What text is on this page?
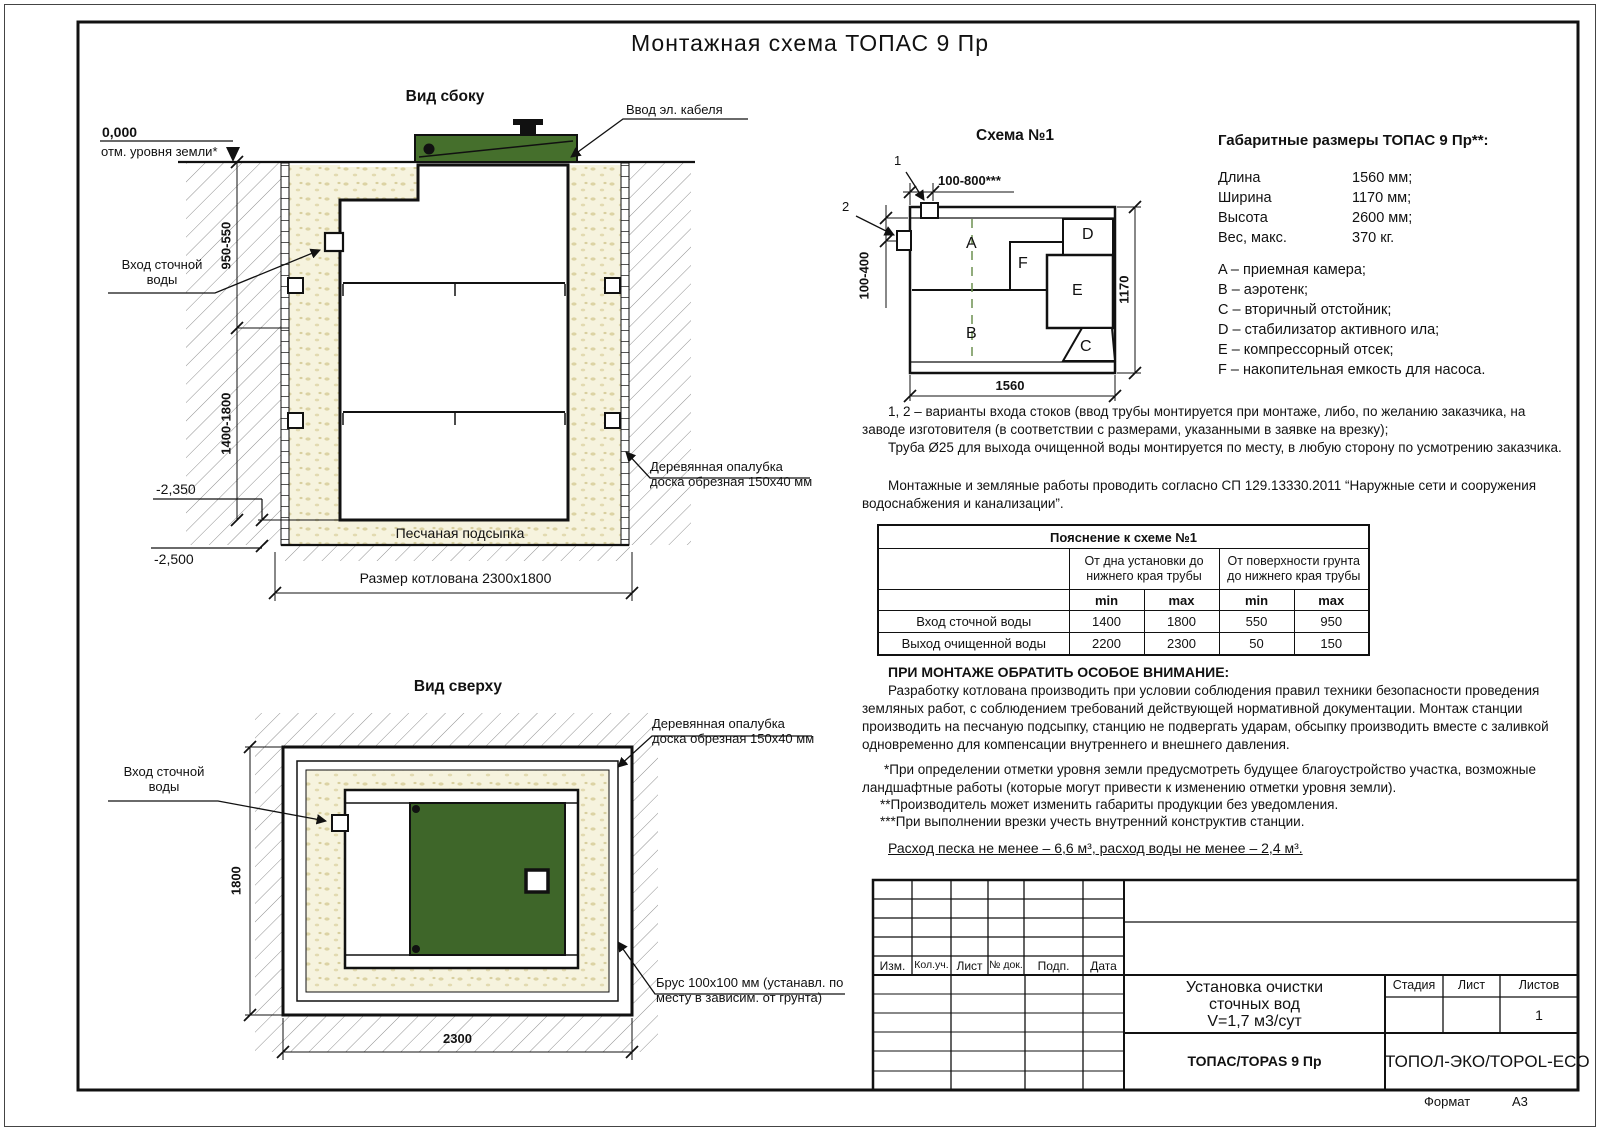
Монтажная схема ТОПАС 9 Пр
Вид сбоку
Ввод эл. кабеля
0,000
отм. уровня земли*
950-550
1400-1800
-2,350
-2,500
Вход сточной
воды
Песчаная подсыпка
Размер котлована 2300х1800
Деревянная опалубка
доска обрезная 150х40 мм
Схема №1
1
2
100-800***
100-400	1170
1560
A
B
C
D
E
F
Габаритные размеры ТОПАС 9 Пр**:
Длина	1560 мм;
Ширина	1170 мм;
Высота	2600 мм;
Вес, макс.	370 кг.
A – приемная камера;
B – аэротенк;
C – вторичный отстойник;
D – стабилизатор активного ила;
E – компрессорный отсек;
F – накопительная емкость для насоса.
1, 2 – варианты входа стоков (ввод трубы монтируется при монтаже, либо, по желанию заказчика, на
заводе изготовителя (в соответствии с размерами, указанными в заявке на врезку);
Труба Ø25 для выхода очищенной воды монтируется по месту, в любую сторону по усмотрению заказчика.
Монтажные и земляные работы проводить согласно СП 129.13330.2011 “Наружные сети и сооружения
водоснабжения и канализации”.
Пояснение к схеме №1				
	От дна установки до нижнего края трубы		От поверхности грунта до нижнего края трубы	
	min	max	min	max
Вход сточной воды	1400	1800	550	950
Выход очищенной воды	2200	2300	50	150
ПРИ МОНТАЖЕ ОБРАТИТЬ ОСОБОЕ ВНИМАНИЕ:
Разработку котлована производить при условии соблюдения правил техники безопасности проведения
земляных работ, с соблюдением требований действующей нормативной документации. Монтаж станции
производить на песчаную подсыпку, станцию не подвергать ударам, обсыпку производить вместе с заливкой
одновременно для компенсации внутреннего и внешнего давления.
*При определении отметки уровня земли предусмотреть будущее благоустройство участка, возможные
ландшафтные работы (которые могут привести к изменению отметки уровня земли).
**Производитель может изменить габариты продукции без уведомления.
***При выполнении врезки учесть внутренний конструктив станции.
Расход песка не менее – 6,6 м³, расход воды не менее – 2,4 м³.
Вид сверху
Вход сточной
воды
Деревянная опалубка
доска обрезная 150х40 мм
Брус 100х100 мм (устанавл. по
месту в зависим. от грунта)
1800
2300
Изм. Кол.уч. Лист № док.	Подп.	Дата
Установка очистки
сточных вод
V=1,7 м3/сут
ТОПАС/TOPAS 9 Пр	ТОПОЛ-ЭКО/TOPOL-ECO
Стадия	Лист	Листов
1
Формат	А3
